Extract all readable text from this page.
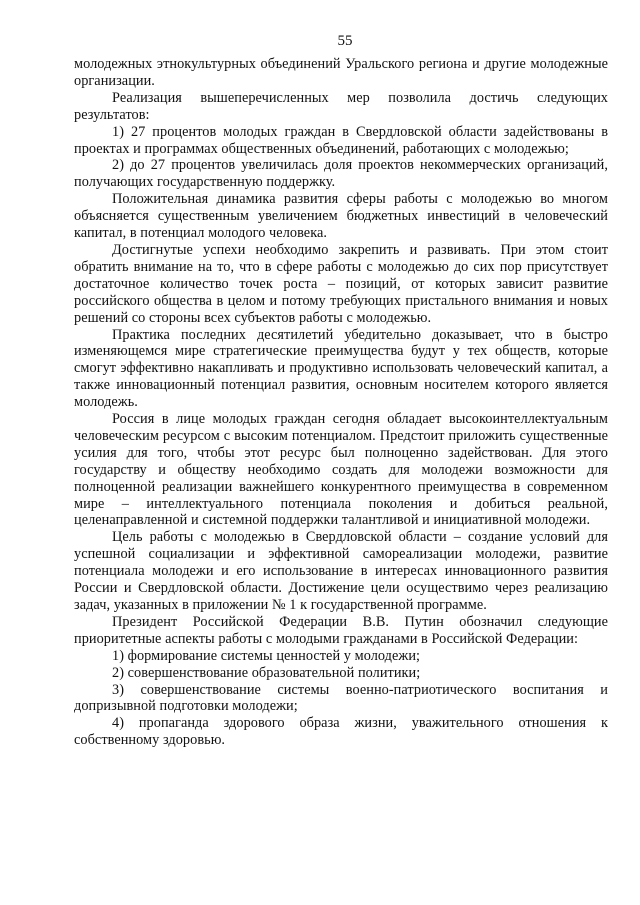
55

молодежных этнокультурных объединений Уральского региона и другие молодежные организации.

Реализация вышеперечисленных мер позволила достичь следующих результатов:

1) 27 процентов молодых граждан в Свердловской области задействованы в проектах и программах общественных объединений, работающих с молодежью;

2) до 27 процентов увеличилась доля проектов некоммерческих организаций, получающих государственную поддержку.

Положительная динамика развития сферы работы с молодежью во многом объясняется существенным увеличением бюджетных инвестиций в человеческий капитал, в потенциал молодого человека.

Достигнутые успехи необходимо закрепить и развивать. При этом стоит обратить внимание на то, что в сфере работы с молодежью до сих пор присутствует достаточное количество точек роста – позиций, от которых зависит развитие российского общества в целом и потому требующих пристального внимания и новых решений со стороны всех субъектов работы с молодежью.

Практика последних десятилетий убедительно доказывает, что в быстро изменяющемся мире стратегические преимущества будут у тех обществ, которые смогут эффективно накапливать и продуктивно использовать человеческий капитал, а также инновационный потенциал развития, основным носителем которого является молодежь.

Россия в лице молодых граждан сегодня обладает высокоинтеллектуальным человеческим ресурсом с высоким потенциалом. Предстоит приложить существенные усилия для того, чтобы этот ресурс был полноценно задействован. Для этого государству и обществу необходимо создать для молодежи возможности для полноценной реализации важнейшего конкурентного преимущества в современном мире – интеллектуального потенциала поколения и добиться реальной, целенаправленной и системной поддержки талантливой и инициативной молодежи.

Цель работы с молодежью в Свердловской области – создание условий для успешной социализации и эффективной самореализации молодежи, развитие потенциала молодежи и его использование в интересах инновационного развития России и Свердловской области. Достижение цели осуществимо через реализацию задач, указанных в приложении № 1 к государственной программе.

Президент Российской Федерации В.В. Путин обозначил следующие приоритетные аспекты работы с молодыми гражданами в Российской Федерации:

1) формирование системы ценностей у молодежи;

2) совершенствование образовательной политики;

3) совершенствование системы военно-патриотического воспитания и допризывной подготовки молодежи;

4) пропаганда здорового образа жизни, уважительного отношения к собственному здоровью.
